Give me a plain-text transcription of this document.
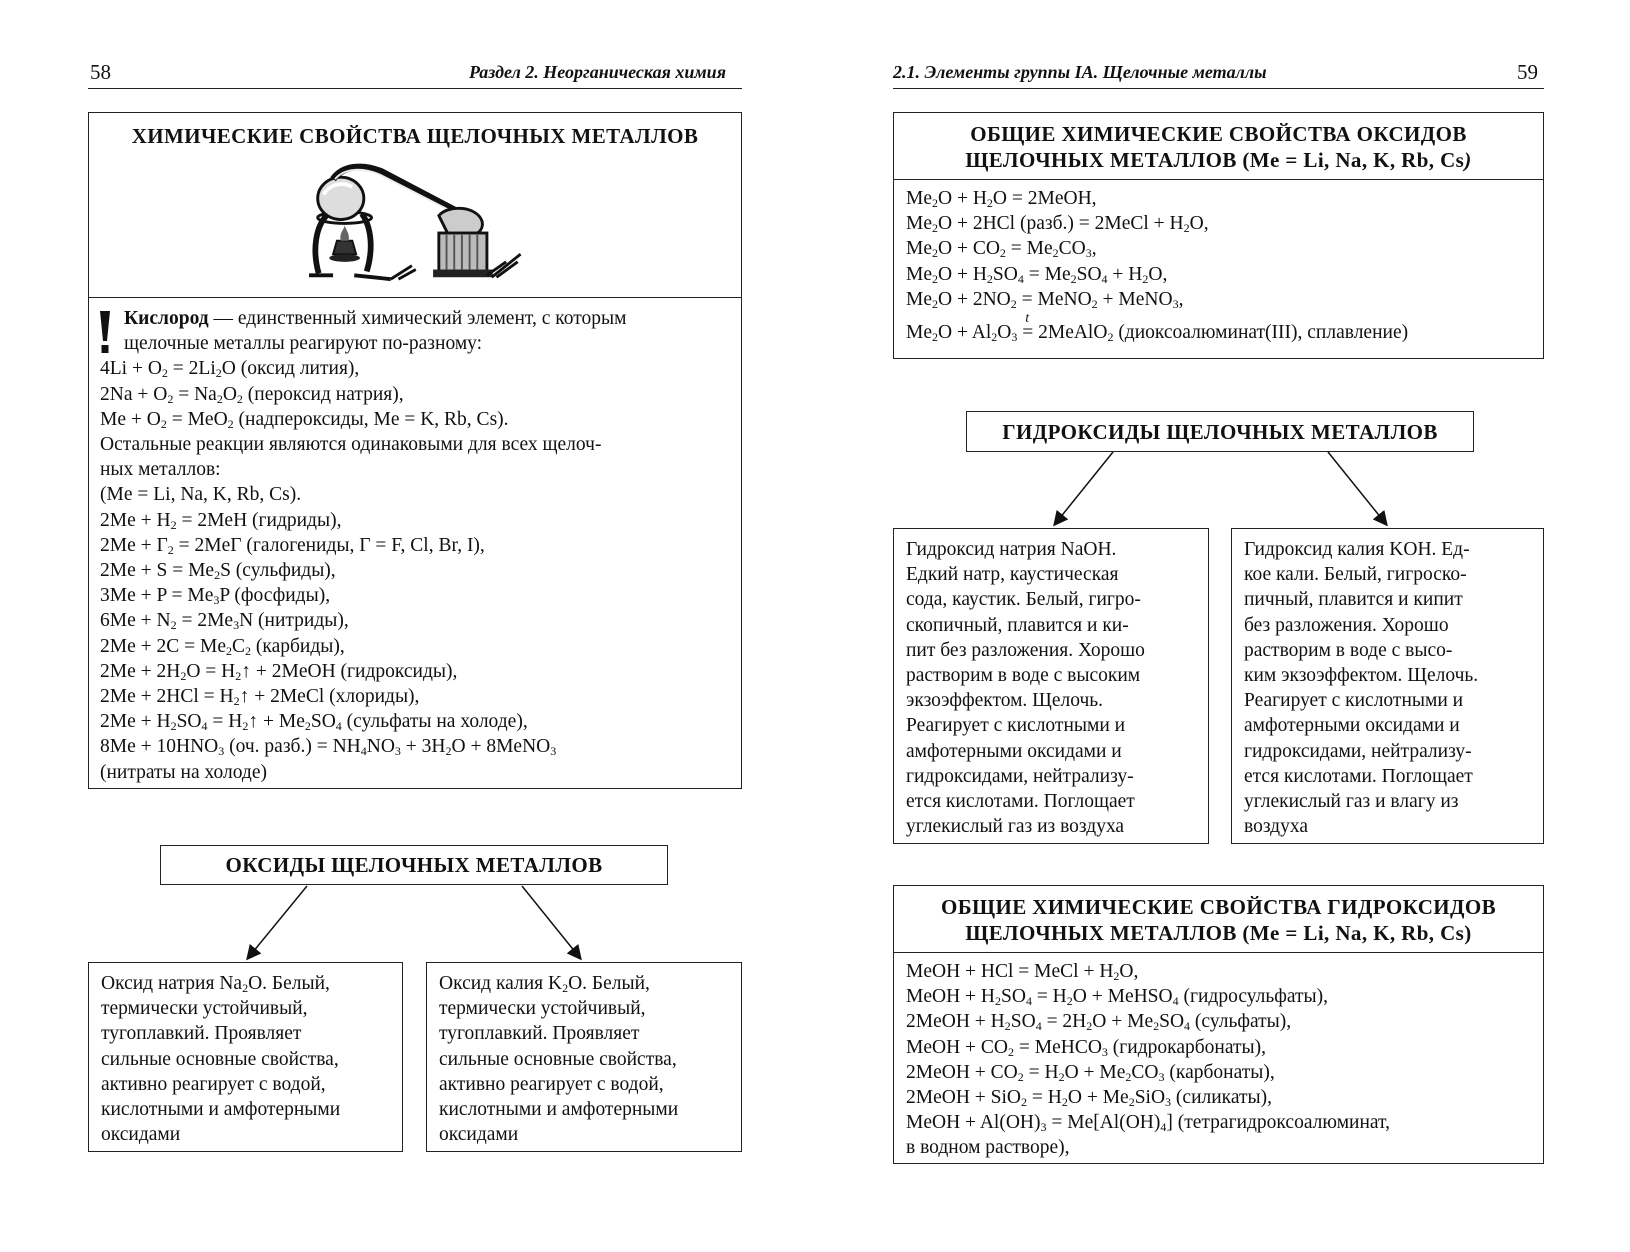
58	Раздел 2. Неорганическая химия
ХИМИЧЕСКИЕ СВОЙСТВА ЩЕЛОЧНЫХ МЕТАЛЛОВ
Кислород — единственный химический элемент, с которым
щелочные металлы реагируют по-разному:
$4Li + O_2 = 2Li_2O$ (оксид лития),
$2Na + O_2 = Na_2O_2$ (пероксид натрия),
$Me + O_2 = MeO_2$ (надпероксиды, Me = K, Rb, Cs).
Остальные реакции являются одинаковыми для всех щелоч-
ных металлов:
(Me = Li, Na, K, Rb, Cs).
$2Me + H_2 = 2MeH$ (гидриды),
$2Me + Г_2 = 2MeГ$ (галогениды, Г = F, Cl, Br, I),
$2Me + S = Me_2S$ (сульфиды),
$3Me + P = Me_3P$ (фосфиды),
$6Me + N_2 = 2Me_3N$ (нитриды),
$2Me + 2C = Me_2C_2$ (карбиды),
$2Me + 2H_2O$ = $H_2↑$ + 2MeOH (гидроксиды),
$2Me + 2HCl = H_2↑$ + 2MeCl (хлориды),
$2Me + H_2SO_4$ = $H_2↑ + Me_2SO_4$ (сульфаты на холоде),
$8Me + 10HNO_3$ (оч. разб.) = $NH_4NO_3 + 3H_2O$ + 8MeNO$_3$
(нитраты на холоде)
ОКСИДЫ ЩЕЛОЧНЫХ МЕТАЛЛОВ
Оксид натрия $Na_2O$. Белый,
термически устойчивый,
тугоплавкий. Проявляет
сильные основные свойства,
активно реагирует с водой,
кислотными и амфотерными
оксидами
Оксид калия $K_2O$. Белый,
термически устойчивый,
тугоплавкий. Проявляет
сильные основные свойства,
активно реагирует с водой,
кислотными и амфотерными
оксидами
2.1. Элементы группы IA. Щелочные металлы	59
ОБЩИЕ ХИМИЧЕСКИЕ СВОЙСТВА ОКСИДОВ
ЩЕЛОЧНЫХ МЕТАЛЛОВ (Me = Li, Na, K, Rb, Cs)
$Me_2O + H_2O$ = 2MeOH,
$Me_2O + 2HCl$ (разб.) = 2MeCl + $H_2O$,
$Me_2O + CO_2 = Me_2CO_3$,
$Me_2O + H_2SO_4 = Me_2SO_4 + H_2O$,
$Me_2O + 2NO_2$ = MeNO$_2$ + MeNO$_3$,
$Me_2O + Al_2O_3$ =
t
2MeAlO$_2$ (диоксоалюминат(III), сплавление)
ГИДРОКСИДЫ ЩЕЛОЧНЫХ МЕТАЛЛОВ
Гидроксид натрия NaOH.
Едкий натр, каустическая
сода, каустик. Белый, гигро-
скопичный, плавится и ки-
пит без разложения. Хорошо
растворим в воде с высоким
экзоэффектом. Щелочь.
Реагирует с кислотными и
амфотерными оксидами и
гидроксидами, нейтрализу-
ется кислотами. Поглощает
углекислый газ из воздуха
Гидроксид калия KOH. Ед-
кое кали. Белый, гигроско-
пичный, плавится и кипит
без разложения. Хорошо
растворим в воде с высо-
ким экзоэффектом. Щелочь.
Реагирует с кислотными и
амфотерными оксидами и
гидроксидами, нейтрализу-
ется кислотами. Поглощает
углекислый газ и влагу из
воздуха
ОБЩИЕ ХИМИЧЕСКИЕ СВОЙСТВА ГИДРОКСИДОВ
ЩЕЛОЧНЫХ МЕТАЛЛОВ (Me = Li, Na, K, Rb, Cs)
MeOH + HCl = MeCl + $H_2O$,
MeOH + $H_2SO_4 = H_2O$ + MeHSO$_4$ (гидросульфаты),
2MeOH + $H_2SO_4 = 2H_2O + Me_2SO_4$ (сульфаты),
MeOH + $CO_2$ = MeHCO$_3$ (гидрокарбонаты),
2MeOH + $CO_2 = H_2O + Me_2CO_3$ (карбонаты),
2MeOH + $SiO_2 = H_2O + Me_2SiO_3$ (силикаты),
MeOH + $Al(OH)_3 = Me[Al(OH)_4]$ (тетрагидроксоалюминат,
в водном растворе),
